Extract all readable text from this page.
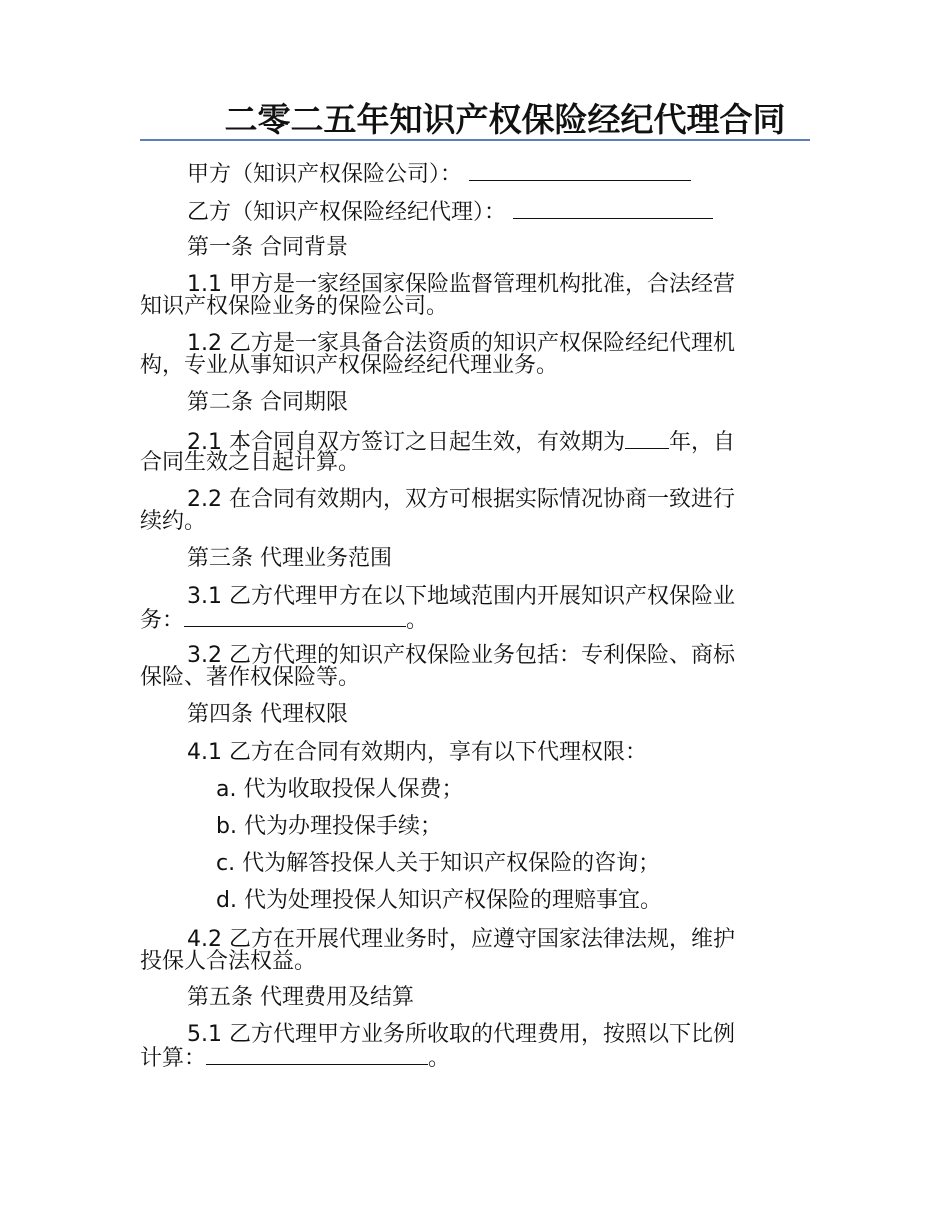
二零二五年知识产权保险经纪代理合同
甲方（知识产权保险公司）：
乙方（知识产权保险经纪代理）：
第一条 合同背景
1.1 甲方是一家经国家保险监督管理机构批准，合法经营
知识产权保险业务的保险公司。
1.2 乙方是一家具备合法资质的知识产权保险经纪代理机
构，专业从事知识产权保险经纪代理业务。
第二条 合同期限
2.1 本合同自双方签订之日起生效，有效期为 年，自
合同生效之日起计算。
2.2 在合同有效期内，双方可根据实际情况协商一致进行
续约。
第三条 代理业务范围
3.1 乙方代理甲方在以下地域范围内开展知识产权保险业
务：	。
3.2 乙方代理的知识产权保险业务包括：专利保险、商标
保险、著作权保险等。
第四条 代理权限
4.1 乙方在合同有效期内，享有以下代理权限：
a. 代为收取投保人保费；
b. 代为办理投保手续；
c. 代为解答投保人关于知识产权保险的咨询；
d. 代为处理投保人知识产权保险的理赔事宜。
4.2 乙方在开展代理业务时，应遵守国家法律法规，维护
投保人合法权益。
第五条 代理费用及结算
5.1 乙方代理甲方业务所收取的代理费用，按照以下比例
计算：	。
